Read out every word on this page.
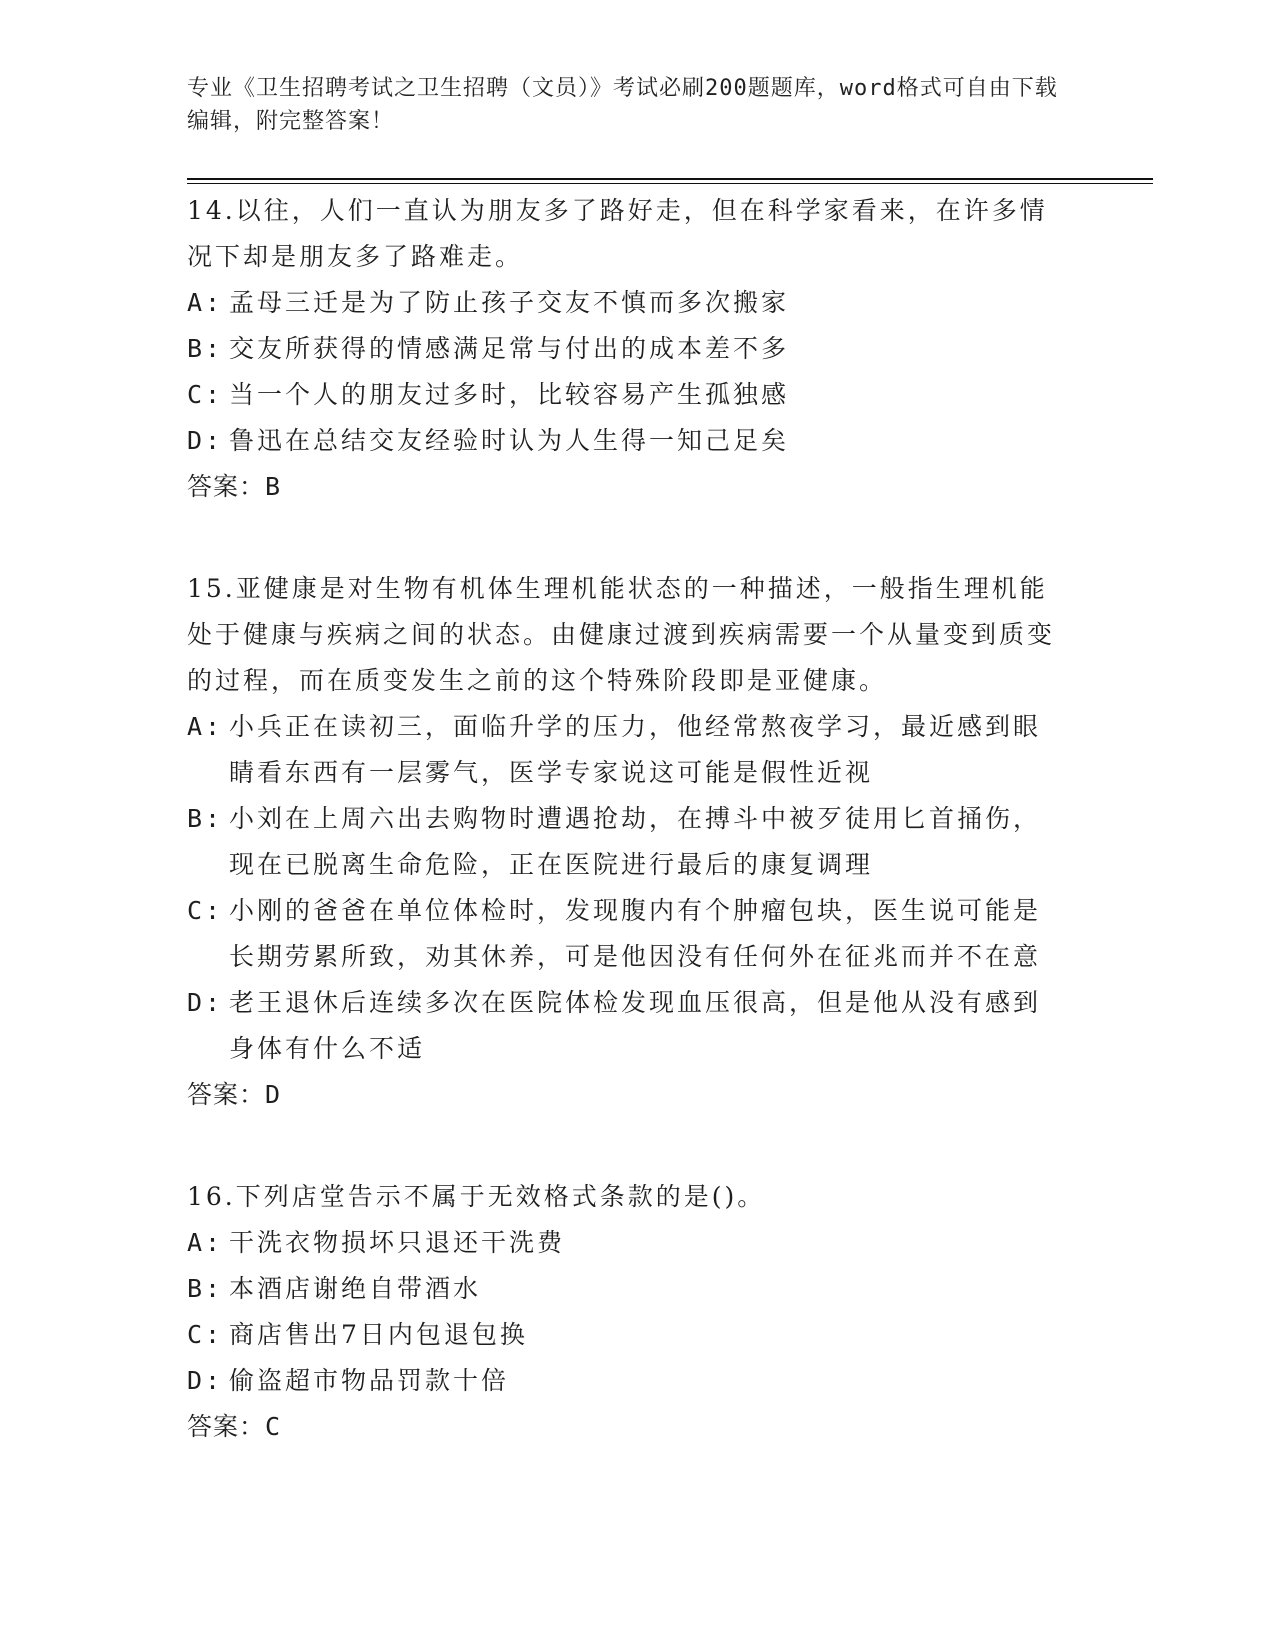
专业《卫生招聘考试之卫生招聘（文员）》考试必刷200题题库，word格式可自由下载编辑，附完整答案！
14.以往，人们一直认为朋友多了路好走，但在科学家看来，在许多情况下却是朋友多了路难走。
A: 孟母三迁是为了防止孩子交友不慎而多次搬家
B: 交友所获得的情感满足常与付出的成本差不多
C: 当一个人的朋友过多时，比较容易产生孤独感
D: 鲁迅在总结交友经验时认为人生得一知己足矣
答案：B
15.亚健康是对生物有机体生理机能状态的一种描述，一般指生理机能处于健康与疾病之间的状态。由健康过渡到疾病需要一个从量变到质变的过程，而在质变发生之前的这个特殊阶段即是亚健康。
A: 小兵正在读初三，面临升学的压力，他经常熬夜学习，最近感到眼睛看东西有一层雾气，医学专家说这可能是假性近视
B: 小刘在上周六出去购物时遭遇抢劫，在搏斗中被歹徒用匕首捅伤，现在已脱离生命危险，正在医院进行最后的康复调理
C: 小刚的爸爸在单位体检时，发现腹内有个肿瘤包块，医生说可能是长期劳累所致，劝其休养，可是他因没有任何外在征兆而并不在意
D: 老王退休后连续多次在医院体检发现血压很高，但是他从没有感到身体有什么不适
答案：D
16.下列店堂告示不属于无效格式条款的是()。
A: 干洗衣物损坏只退还干洗费
B: 本酒店谢绝自带酒水
C: 商店售出7日内包退包换
D: 偷盗超市物品罚款十倍
答案：C
